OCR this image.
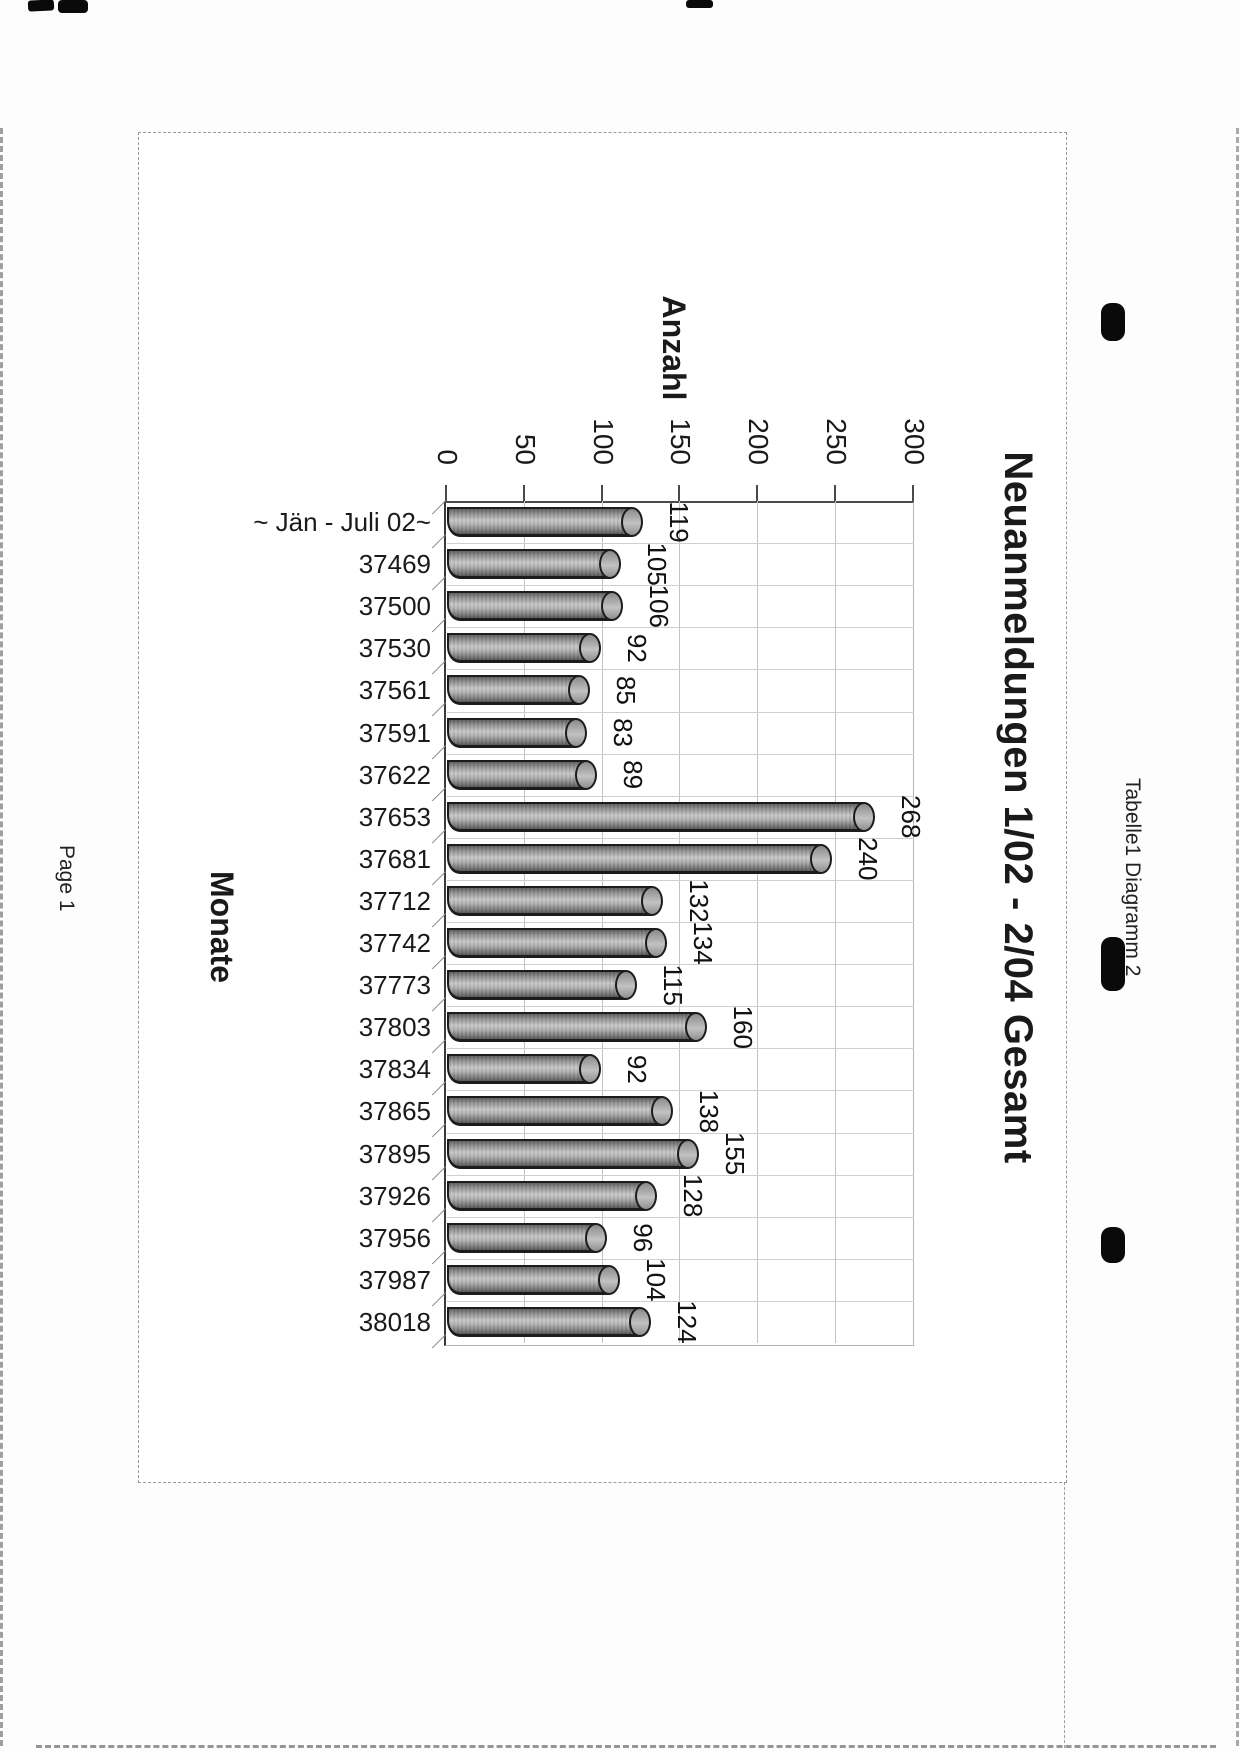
Page 1	Tabelle1 Diagramm 2
Neuanmeldungen 1/02 - 2/04 Gesamt
Anzahl
Monate
0 50 100 150 200 250 300
119
105
106
92
85
83
89
268
240
132
134
115
160
92
138
155
128
96
104
124
~ Jän - Juli 02~
37469
37500
37530
37561
37591
37622
37653
37681
37712
37742
37773
37803
37834
37865
37895
37926
37956
37987
38018
